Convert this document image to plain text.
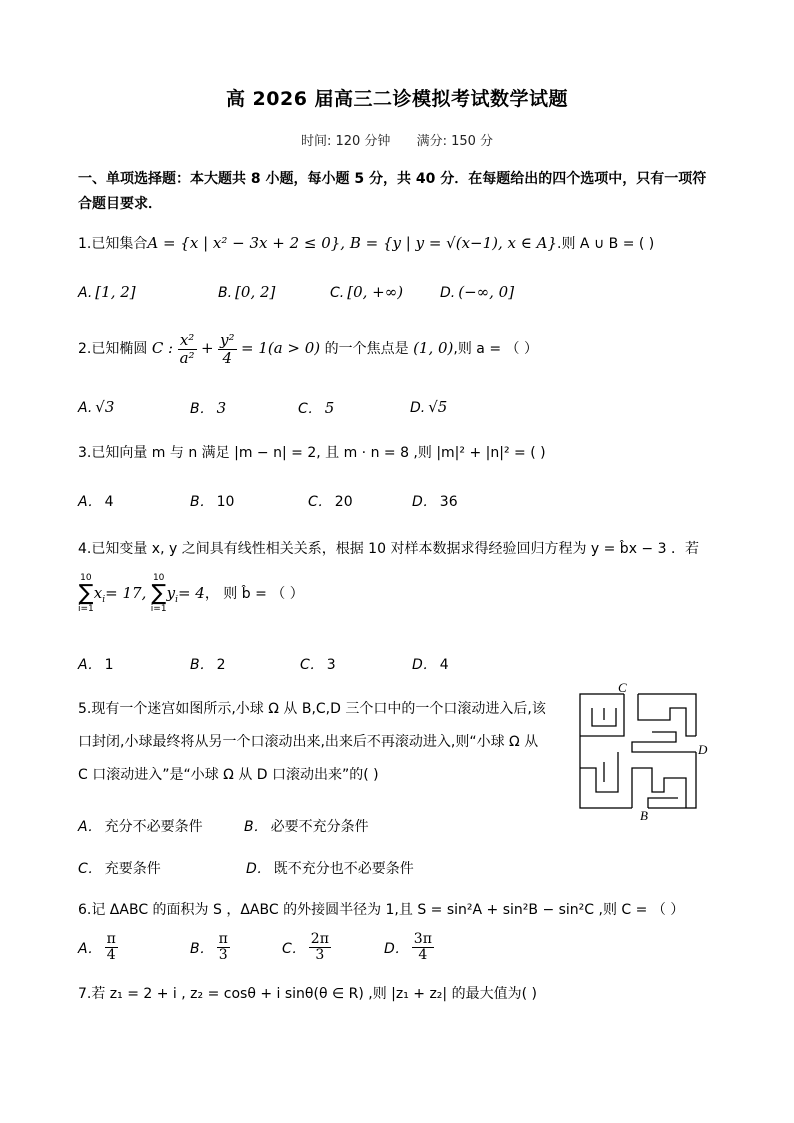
高 2026 届高三二诊模拟考试数学试题
时间: 120 分钟 满分: 150 分
一、单项选择题：本大题共 8 小题，每小题 5 分，共 40 分．在每题给出的四个选项中，只有一项符
合题目要求．
1.已知集合A = {x | x² − 3x + 2 ≤ 0}, B = {y | y = √(x−1), x ∈ A}.则 A ∪ B = ( )
A. [1, 2]	B. [0, 2]	C. [0, +∞)	D. (−∞, 0]
2.已知椭圆 C : $\frac{\text{x²}}{\text{a²}} + \frac{\text{y²}}{4} = 1(a > 0)$ 的一个焦点是 (1, 0),则 a = （ ）
A. √3	B． 3	C． 5	D. √5
3.已知向量 m 与 n 满足 |m − n| = 2, 且 m · n = 8 ,则 |m|² + |n|² = ( )
A． 4	B． 10	C． 20	D． 36
4.已知变量 x, y 之间具有线性相关关系，根据 10 对样本数据求得经验回归方程为 y = b̂x − 3 ．若
10
∑
i=1
$x_i= 17$,
10
∑
i=1
$y_i= 4$， 则 b̂ = （ ）
A． 1	B． 2	C． 3	D． 4
5.现有一个迷宫如图所示,小球 Ω 从 B,C,D 三个口中的一个口滚动进入后,该
口封闭,小球最终将从另一个口滚动出来,出来后不再滚动进入,则“小球 Ω 从
C 口滚动进入”是“小球 Ω 从 D 口滚动出来”的( )
C
D
B
A． 充分不必要条件	B． 必要不充分条件
C． 充要条件	D． 既不充分也不必要条件
6.记 ΔABC 的面积为 S ，ΔABC 的外接圆半径为 1,且 S = sin²A + sin²B − sin²C ,则 C = （ ）
A． $\frac{\pi}{4}$	B． $\frac{\pi}{3}$	C． $\frac{2\pi}{3}$	D． $\frac{3\pi}{4}$
7.若 z₁ = 2 + i , z₂ = cosθ + i sinθ(θ ∈ R) ,则 |z₁ + z₂| 的最大值为( )
